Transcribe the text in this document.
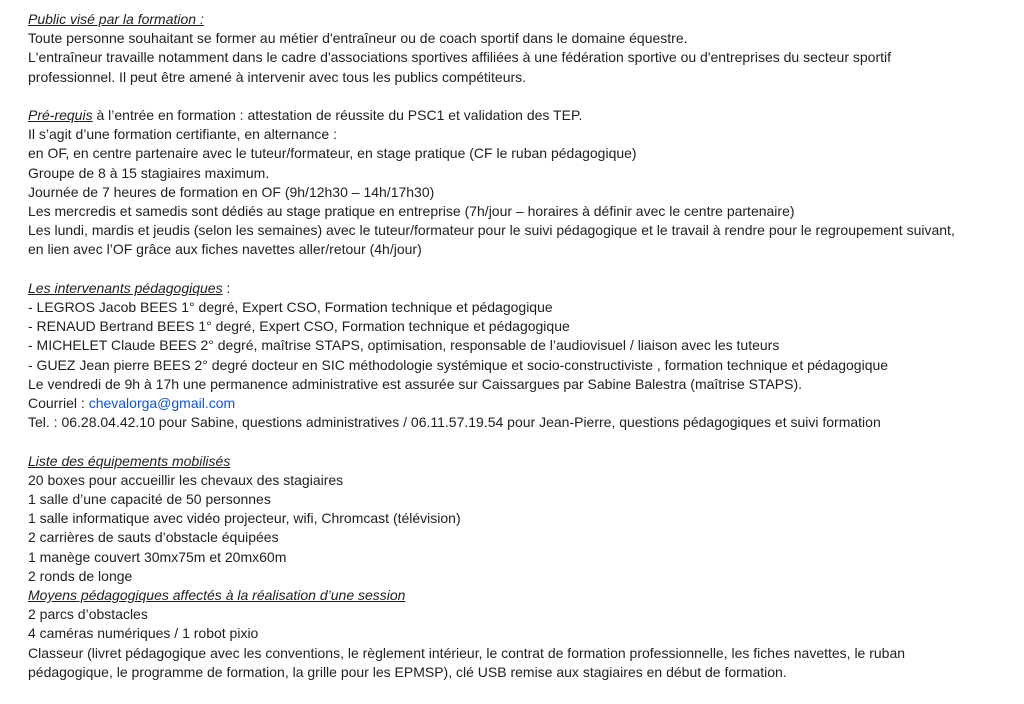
Public visé par la formation :
Toute personne souhaitant se former au métier d'entraîneur ou de coach sportif dans le domaine équestre.
L'entraîneur travaille notamment dans le cadre d'associations sportives affiliées à une fédération sportive ou d'entreprises du secteur sportif
professionnel. Il peut être amené à intervenir avec tous les publics compétiteurs.
Pré-requis à l’entrée en formation : attestation de réussite du PSC1 et validation des TEP.
Il s’agit d’une formation certifiante, en alternance :
en OF, en centre partenaire avec le tuteur/formateur, en stage pratique (CF le ruban pédagogique)
Groupe de 8 à 15 stagiaires maximum.
Journée de 7 heures de formation en OF (9h/12h30 – 14h/17h30)
Les mercredis et samedis sont dédiés au stage pratique en entreprise (7h/jour – horaires à définir avec le centre partenaire)
Les lundi, mardis et jeudis (selon les semaines) avec le tuteur/formateur pour le suivi pédagogique et le travail à rendre pour le regroupement suivant,
en lien avec l’OF grâce aux fiches navettes aller/retour (4h/jour)
Les intervenants pédagogiques :
- LEGROS Jacob BEES 1° degré, Expert CSO, Formation technique et pédagogique
- RENAUD Bertrand BEES 1° degré, Expert CSO, Formation technique et pédagogique
- MICHELET Claude BEES 2° degré, maîtrise STAPS, optimisation, responsable de l’audiovisuel / liaison avec les tuteurs
- GUEZ Jean pierre BEES 2° degré docteur en SIC méthodologie systémique et socio-constructiviste , formation technique et pédagogique
Le vendredi de 9h à 17h une permanence administrative est assurée sur Caissargues par Sabine Balestra (maîtrise STAPS).
Courriel : chevalorga@gmail.com
Tel. : 06.28.04.42.10 pour Sabine, questions administratives / 06.11.57.19.54 pour Jean-Pierre, questions pédagogiques et suivi formation
Liste des équipements mobilisés
20 boxes pour accueillir les chevaux des stagiaires
1 salle d’une capacité de 50 personnes
1 salle informatique avec vidéo projecteur, wifi, Chromcast (télévision)
2 carrières de sauts d’obstacle équipées
1 manège couvert 30mx75m et 20mx60m
2 ronds de longe
Moyens pédagogiques affectés à la réalisation d’une session
2 parcs d’obstacles
4 caméras numériques / 1 robot pixio
Classeur (livret pédagogique avec les conventions, le règlement intérieur, le contrat de formation professionnelle, les fiches navettes, le ruban
pédagogique, le programme de formation, la grille pour les EPMSP), clé USB remise aux stagiaires en début de formation.
